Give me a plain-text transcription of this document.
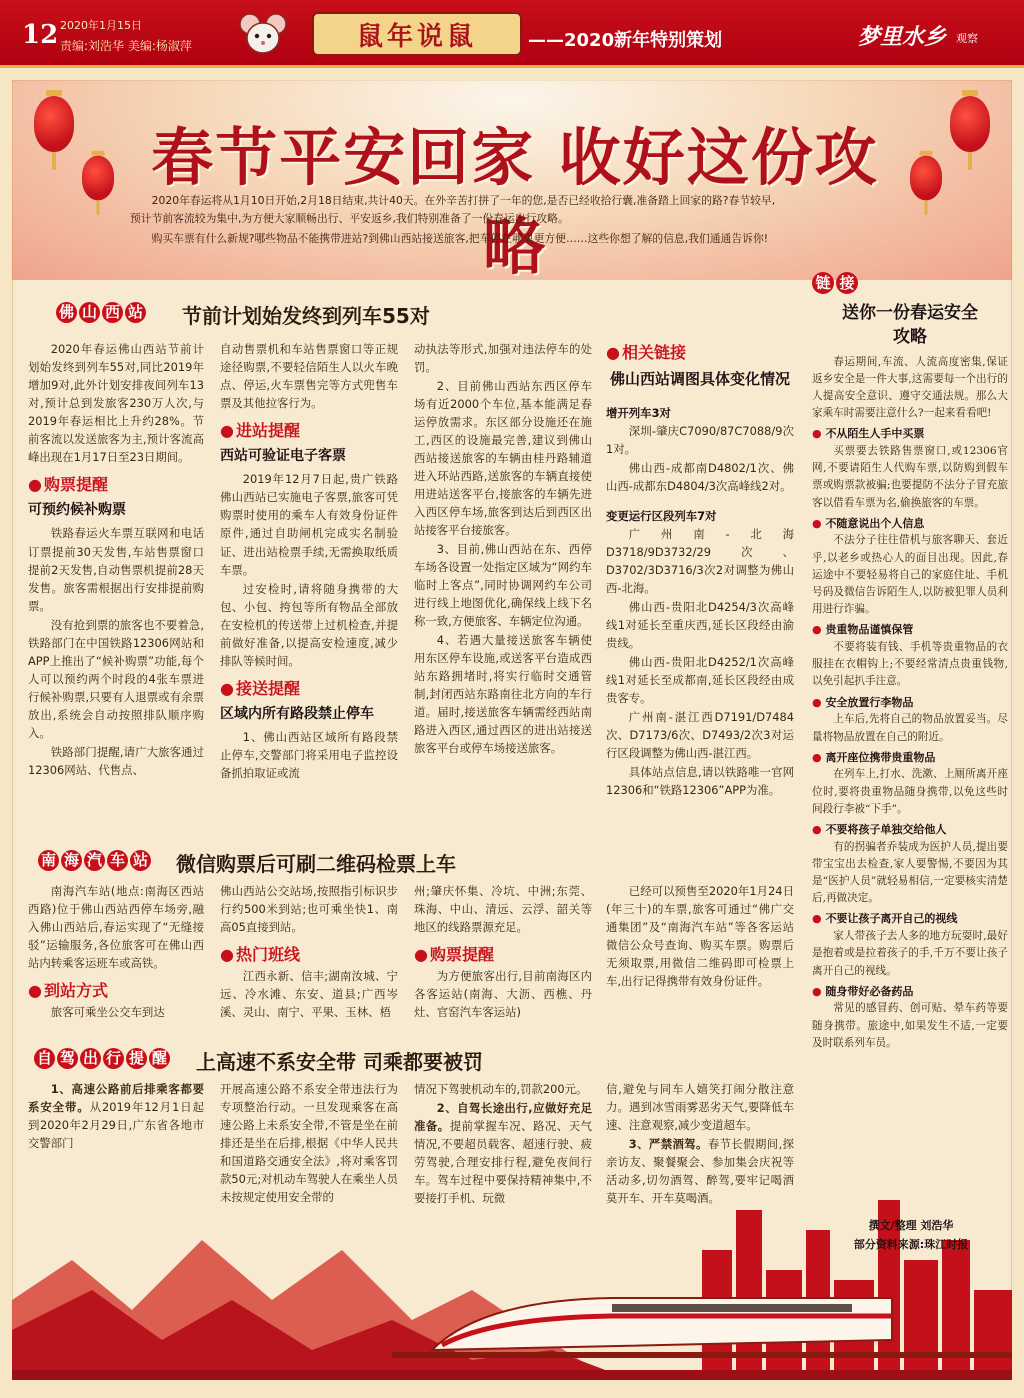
12 2020年1月15日
责编:刘浩华 美编:杨淑萍	鼠年说鼠	——2020新年特别策划	梦里水乡 观察
春节平安回家 收好这份攻略

2020年春运将从1月10日开始,2月18日结束,共计40天。在外辛苦打拼了一年的您,是否已经收拾行囊,准备踏上回家的路?春节较早,预计节前客流较为集中,为方便大家顺畅出行、平安返乡,我们特别准备了一份春运出行攻略。

购买车票有什么新规?哪些物品不能携带进站?到佛山西站接送旅客,把车停在哪里更方便……这些你想了解的信息,我们通通告诉你!

佛 山 西 站 节前计划始发终到列车55对

2020年春运佛山西站节前计划始发终到列车55对,同比2019年增加9对,此外计划安排夜间列车13对,预计总到发旅客230万人次,与2019年春运相比上升约28%。节前客流以发送旅客为主,预计客流高峰出现在1月17日至23日期间。

● 购票提醒
可预约候补购票

铁路春运火车票互联网和电话订票提前30天发售,车站售票窗口提前2天发售,自动售票机提前28天发售。旅客需根据出行安排提前购票。

没有抢到票的旅客也不要着急,铁路部门在中国铁路12306网站和APP上推出了“候补购票”功能,每个人可以预约两个时段的4张车票进行候补购票,只要有人退票或有余票放出,系统会自动按照排队顺序购入。

铁路部门提醒,请广大旅客通过12306网站、代售点、

自动售票机和车站售票窗口等正规途径购票,不要轻信陌生人以火车晚点、停运,火车票售完等方式兜售车票及其他拉客行为。

● 进站提醒
西站可验证电子客票

2019年12月7日起,贵广铁路佛山西站已实施电子客票,旅客可凭购票时使用的乘车人有效身份证件原件,通过自助闸机完成实名制验证、进出站检票手续,无需换取纸质车票。

过安检时,请将随身携带的大包、小包、挎包等所有物品全部放在安检机的传送带上过机检查,并提前做好准备,以提高安检速度,减少排队等候时间。

● 接送提醒
区域内所有路段禁止停车

1、佛山西站区域所有路段禁止停车,交警部门将采用电子监控设备抓拍取证或流

动执法等形式,加强对违法停车的处罚。

2、目前佛山西站东西区停车场有近2000个车位,基本能满足春运停放需求。东区部分设施还在施工,西区的设施最完善,建议到佛山西站接送旅客的车辆由桂丹路辅道进入环站西路,送旅客的车辆直接使用进站送客平台,接旅客的车辆先进入西区停车场,旅客到达后到西区出站接客平台接旅客。

3、目前,佛山西站在东、西停车场各设置一处指定区域为“网约车临时上客点”,同时协调网约车公司进行线上地图优化,确保线上线下名称一致,方便旅客、车辆定位沟通。

4、若遇大量接送旅客车辆使用东区停车设施,或送客平台造成西站东路拥堵时,将实行临时交通管制,封闭西站东路南往北方向的车行道。届时,接送旅客车辆需经西站南路进入西区,通过西区的进出站接送旅客平台或停车场接送旅客。

● 相关链接
佛山西站调图具体变化情况
增开列车3对

深圳-肇庆C7090/87C7088/9次1对。

佛山西-成都南D4802/1次、佛山西-成都东D4804/3次高峰线2对。

变更运行区段列车7对

广州南-北海D3718/9D3732/29次、D3702/3D3716/3次2对调整为佛山西-北海。

佛山西-贵阳北D4254/3次高峰线1对延长至重庆西,延长区段经由渝贵线。

佛山西-贵阳北D4252/1次高峰线1对延长至成都南,延长区段经由成贵客专。

广州南-湛江西D7191/D7484次、D7173/6次、D7493/2次3对运行区段调整为佛山西-湛江西。

具体站点信息,请以铁路唯一官网12306和“铁路12306”APP为准。

南 海 汽 车 站 微信购票后可刷二维码检票上车

南海汽车站(地点:南海区西站西路)位于佛山西站西停车场旁,融入佛山西站后,春运实现了“无缝接驳”运输服务,各位旅客可在佛山西站内转乘客运班车或高铁。

● 到站方式

旅客可乘坐公交车到达

佛山西站公交站场,按照指引标识步行约500米到站;也可乘坐快1、南高05直接到站。

● 热门班线

江西永新、信丰;湖南汝城、宁远、冷水滩、东安、道县;广西岑溪、灵山、南宁、平果、玉林、梧

州;肇庆怀集、冷坑、中洲;东莞、珠海、中山、清远、云浮、韶关等地区的线路票源充足。

● 购票提醒

为方便旅客出行,目前南海区内各客运站(南海、大沥、西樵、丹灶、官窑汽车客运站)

已经可以预售至2020年1月24日(年三十)的车票,旅客可通过“佛广交通集团”及“南海汽车站”等各客运站微信公众号查询、购买车票。购票后无须取票,用微信二维码即可检票上车,出行记得携带有效身份证件。

自 驾 出 行 提 醒 上高速不系安全带 司乘都要被罚

1、高速公路前后排乘客都要系安全带。从2019年12月1日起到2020年2月29日,广东省各地市交警部门

开展高速公路不系安全带违法行为专项整治行动。一旦发现乘客在高速公路上未系安全带,不管是坐在前排还是坐在后排,根据《中华人民共和国道路交通安全法》,将对乘客罚款50元;对机动车驾驶人在乘坐人员未按规定使用安全带的

情况下驾驶机动车的,罚款200元。

2、自驾长途出行,应做好充足准备。提前掌握车况、路况、天气情况,不要超员载客、超速行驶、疲劳驾驶,合理安排行程,避免夜间行车。驾车过程中要保持精神集中,不要接打手机、玩微

信,避免与同车人嬉笑打闹分散注意力。遇到冰雪雨雾恶劣天气,要降低车速、注意观察,减少变道超车。

3、严禁酒驾。春节长假期间,探亲访友、聚餐聚会、参加集会庆祝等活动多,切勿酒驾、醉驾,要牢记喝酒莫开车、开车莫喝酒。

链 接
送你一份春运安全攻略

春运期间,车流、人流高度密集,保证返乡安全是一件大事,这需要每一个出行的人提高安全意识、遵守交通法规。那么大家乘车时需要注意什么?一起来看看吧!

● 不从陌生人手中买票

买票要去铁路售票窗口,或12306官网,不要请陌生人代购车票,以防购到假车票或购票款被骗;也要提防不法分子冒充旅客以借看车票为名,偷换旅客的车票。

● 不随意说出个人信息

不法分子往往借机与旅客聊天、套近乎,以老乡或热心人的面目出现。因此,春运途中不要轻易将自己的家庭住址、手机号码及微信告诉陌生人,以防被犯罪人员利用进行诈骗。

● 贵重物品谨慎保管

不要将装有钱、手机等贵重物品的衣服挂在衣帽钩上;不要经常清点贵重钱物,以免引起扒手注意。

● 安全放置行李物品

上车后,先将自己的物品放置妥当。尽量将物品放置在自己的附近。

● 离开座位携带贵重物品

在列车上,打水、洗漱、上厕所离开座位时,要将贵重物品随身携带,以免这些时间段行李被“下手”。

● 不要将孩子单独交给他人

有的拐骗者乔装成为医护人员,提出要带宝宝出去检查,家人要警惕,不要因为其是“医护人员”就轻易相信,一定要核实清楚后,再做决定。

● 不要让孩子离开自己的视线

家人带孩子去人多的地方玩耍时,最好是抱着或是拉着孩子的手,千万不要让孩子离开自己的视线。

● 随身带好必备药品

常见的感冒药、创可贴、晕车药等要随身携带。旅途中,如果发生不适,一定要及时联系列车员。

撰文/整理 刘浩华
部分资料来源:珠江时报
